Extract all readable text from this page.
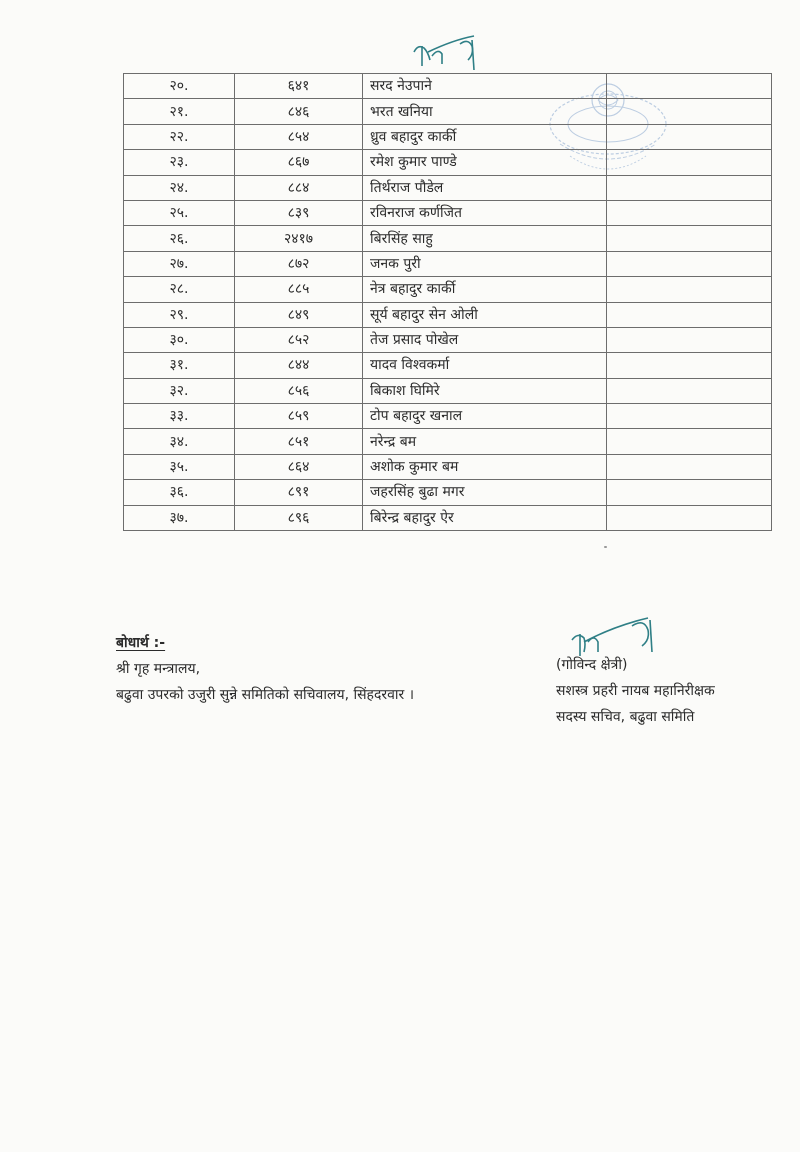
२०.	६४१	सरद नेउपाने	
२१.	८४६	भरत खनिया	
२२.	८५४	ध्रुव बहादुर कार्की	
२३.	८६७	रमेश कुमार पाण्डे	
२४.	८८४	तिर्थराज पौडेल	
२५.	८३९	रविनराज कर्णजित	
२६.	२४१७	बिरसिंह साहु	
२७.	८७२	जनक पुरी	
२८.	८८५	नेत्र बहादुर कार्की	
२९.	८४९	सूर्य बहादुर सेन ओली	
३०.	८५२	तेज प्रसाद पोखेल	
३१.	८४४	यादव विश्वकर्मा	
३२.	८५६	बिकाश घिमिरे	
३३.	८५९	टोप बहादुर खनाल	
३४.	८५१	नरेन्द्र बम	
३५.	८६४	अशोक कुमार बम	
३६.	८९१	जहरसिंह बुढा मगर	
३७.	८९६	बिरेन्द्र बहादुर ऐर	
बोधार्थ :-
श्री गृह मन्त्रालय,
बढुवा उपरको उजुरी सुन्ने समितिको सचिवालय, सिंहदरवार ।
(गोविन्द क्षेत्री)
सशस्त्र प्रहरी नायब महानिरीक्षक
सदस्य सचिव, बढुवा समिति
